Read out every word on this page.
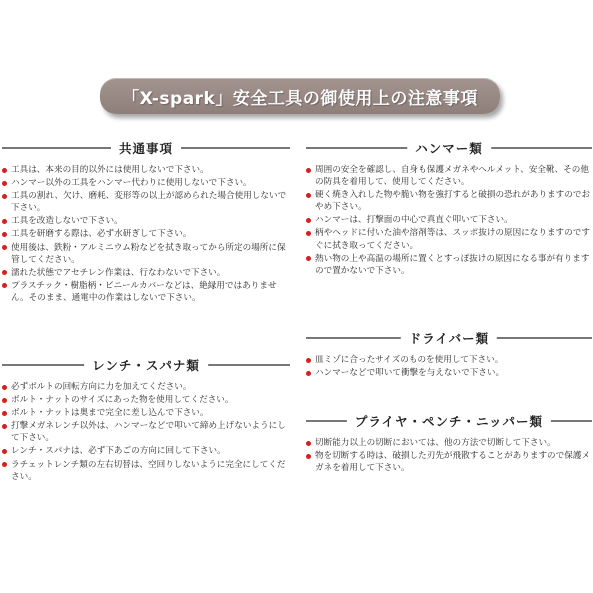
「X-spark」安全工具の御使用上の注意事項
共通事項
工具は、本来の目的以外には使用しないで下さい。
ハンマー以外の工具をハンマー代わりに使用しないで下さい。
工具の割れ、欠け、磨耗、変形等の以上が認められた場合使用しないで下さい。
工具を改造しないで下さい。
工具を研磨する際は、必ず水研ぎして下さい。
使用後は、鉄粉・アルミニウム粉などを拭き取ってから所定の場所に保管してください。
濡れた状態でアセチレン作業は、行なわないで下さい。
プラスチック・樹脂柄・ビニールカバーなどは、絶縁用ではありません。そのまま、通電中の作業はしないで下さい。
レンチ・スパナ類
必ずボルトの回転方向に力を加えてください。
ボルト・ナットのサイズにあった物を使用してください。
ボルト・ナットは奥まで完全に差し込んで下さい。
打撃メガネレンチ以外は、ハンマーなどで叩いて締め上げないようにして下さい。
レンチ・スパナは、必ず下あごの方向に回して下さい。
ラチェットレンチ類の左右切替は、空回りしないように完全にしてください。
ハンマー類
周囲の安全を確認し、自身も保護メガネやヘルメット、安全靴、その他の防具を着用して、使用してください。
硬く焼き入れした物や脆い物を強打すると破損の恐れがありますのでおやめ下さい。
ハンマーは、打撃面の中心で真直ぐ叩いて下さい。
柄やヘッドに付いた油や溶剤等は、スッポ抜けの原因になりますのですぐに拭き取ってください。
熱い物の上や高温の場所に置くとすっぽ抜けの原因になる事が有りますので置かないで下さい。
ドライバー類
皿ミゾに合ったサイズのものを使用して下さい。
ハンマーなどで叩いて衝撃を与えないで下さい。
プライヤ・ペンチ・ニッパー類
切断能力以上の切断においては、他の方法で切断して下さい。
物を切断する時は、破損した刃先が飛散することがありますので保護メガネを着用して下さい。
